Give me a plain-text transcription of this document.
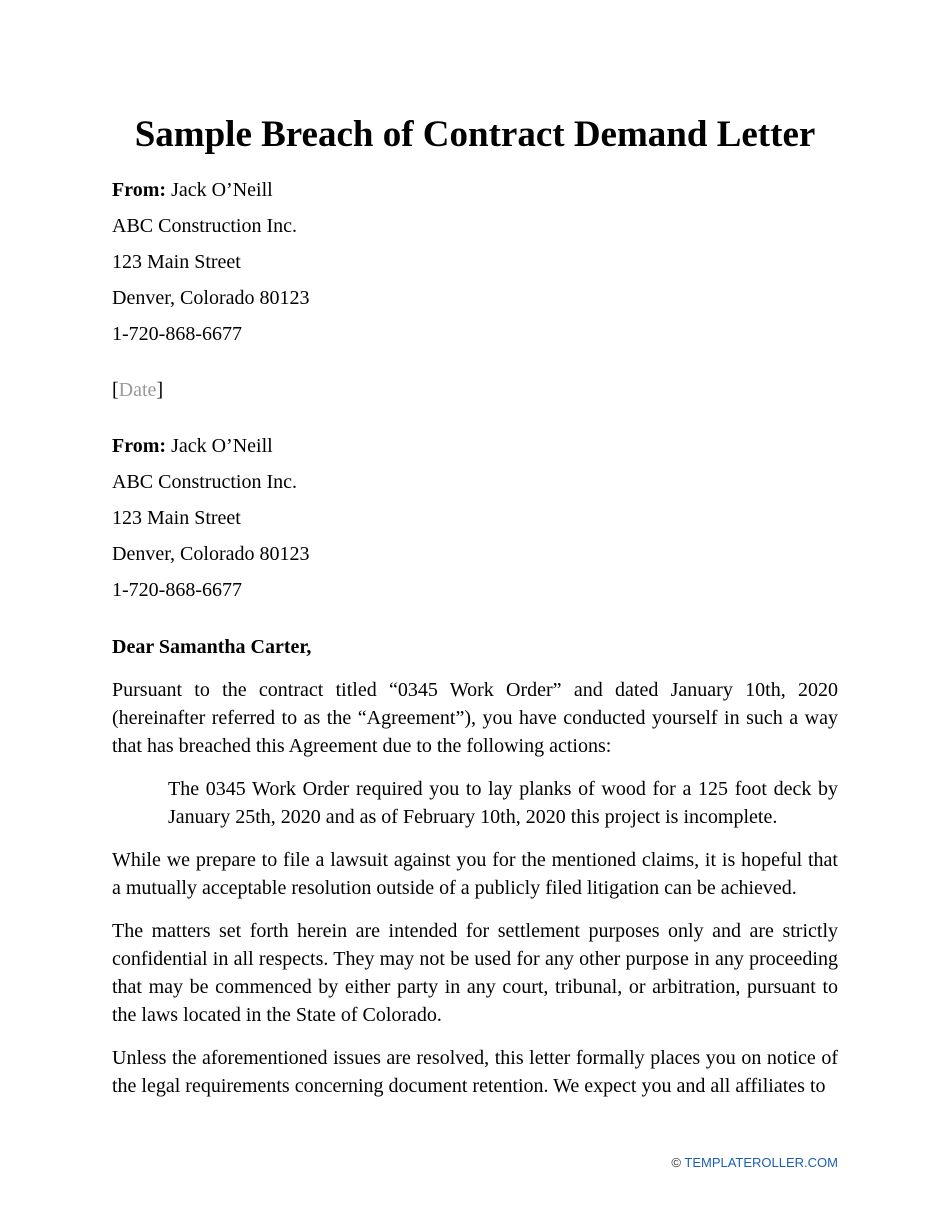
Sample Breach of Contract Demand Letter
From: Jack O’Neill
ABC Construction Inc.
123 Main Street
Denver, Colorado 80123
1-720-868-6677
[Date]
From: Jack O’Neill
ABC Construction Inc.
123 Main Street
Denver, Colorado 80123
1-720-868-6677
Dear Samantha Carter,

Pursuant to the contract titled “0345 Work Order” and dated January 10th, 2020 (hereinafter referred to as the “Agreement”), you have conducted yourself in such a way that has breached this Agreement due to the following actions:

The 0345 Work Order required you to lay planks of wood for a 125 foot deck by January 25th, 2020 and as of February 10th, 2020 this project is incomplete.

While we prepare to file a lawsuit against you for the mentioned claims, it is hopeful that a mutually acceptable resolution outside of a publicly filed litigation can be achieved.

The matters set forth herein are intended for settlement purposes only and are strictly confidential in all respects. They may not be used for any other purpose in any proceeding that may be commenced by either party in any court, tribunal, or arbitration, pursuant to the laws located in the State of Colorado.

Unless the aforementioned issues are resolved, this letter formally places you on notice of the legal requirements concerning document retention. We expect you and all affiliates to

© TEMPLATEROLLER.COM
